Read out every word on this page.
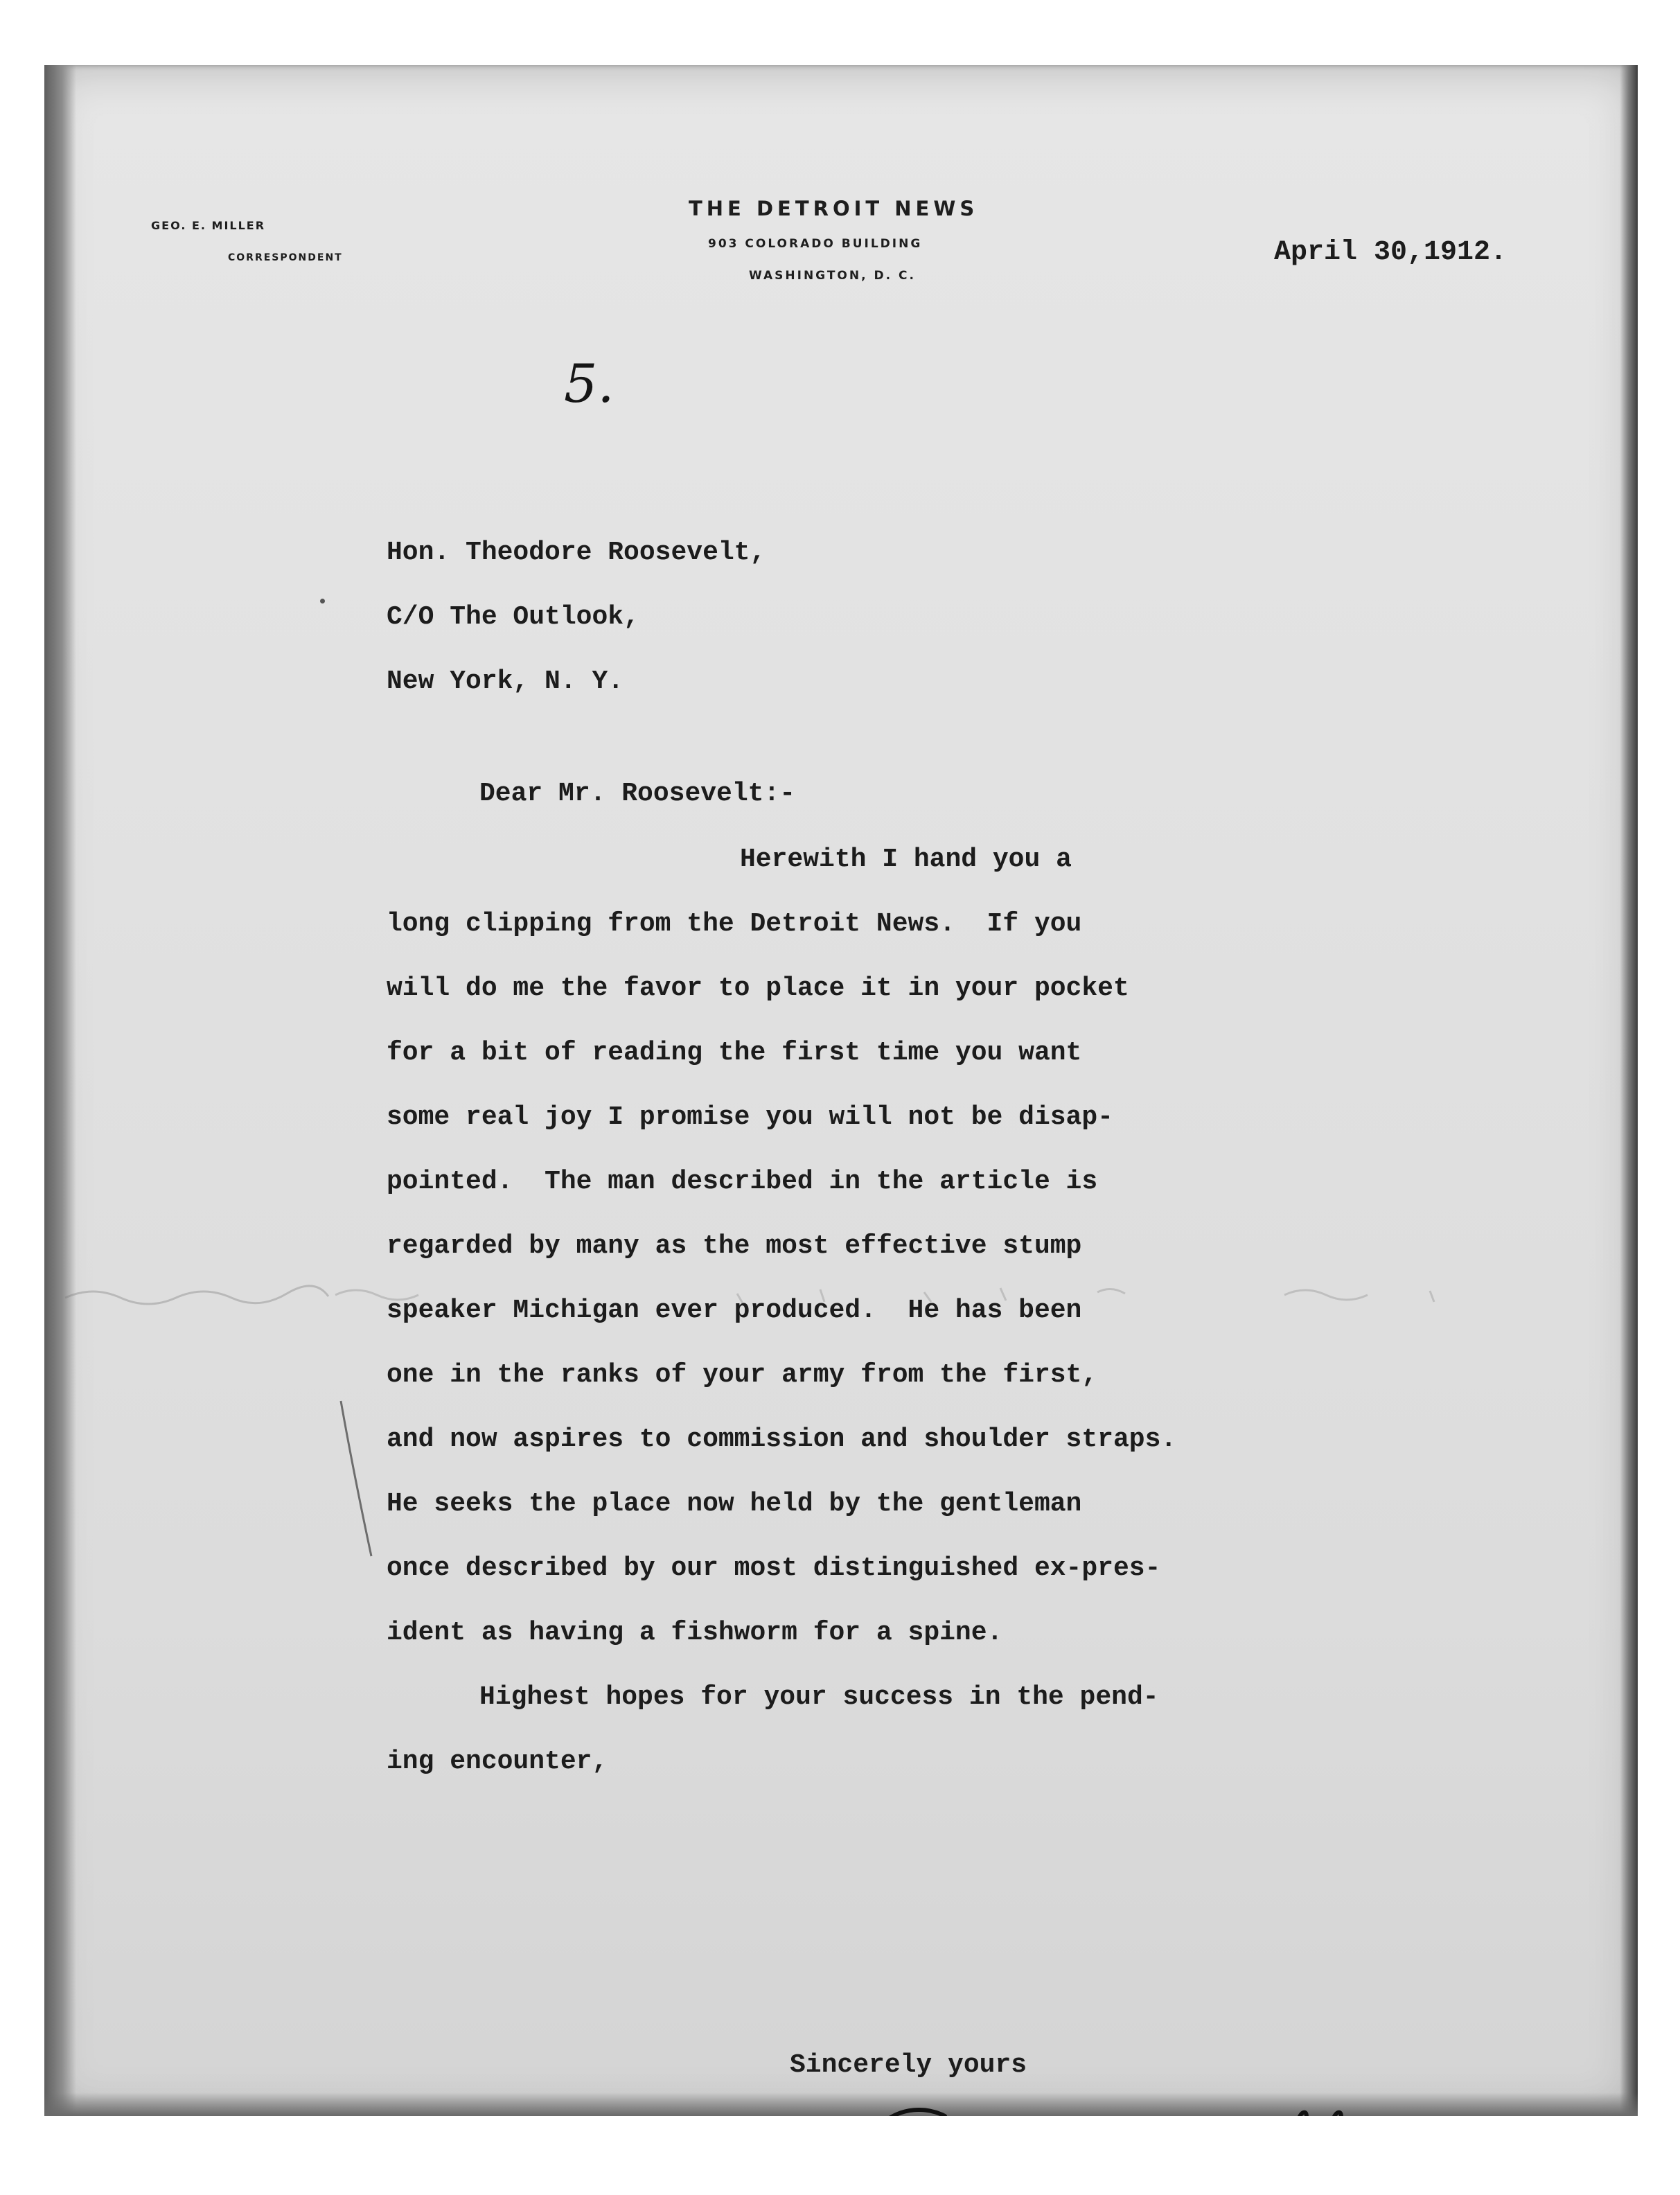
GEO. E. MILLER
CORRESPONDENT
THE DETROIT NEWS
903 COLORADO BUILDING
WASHINGTON, D. C.
April 30,1912.
5.
Hon. Theodore Roosevelt,
C/O The Outlook,
New York, N. Y.
Dear Mr. Roosevelt:-
Herewith I hand you a
long clipping from the Detroit News.  If you
will do me the favor to place it in your pocket
for a bit of reading the first time you want
some real joy I promise you will not be disap-
pointed.  The man described in the article is
regarded by many as the most effective stump
speaker Michigan ever produced.  He has been
one in the ranks of your army from the first,
and now aspires to commission and shoulder straps.
He seeks the place now held by the gentleman
once described by our most distinguished ex-pres-
ident as having a fishworm for a spine.
Highest hopes for your success in the pend-
ing encounter,
Sincerely yours
